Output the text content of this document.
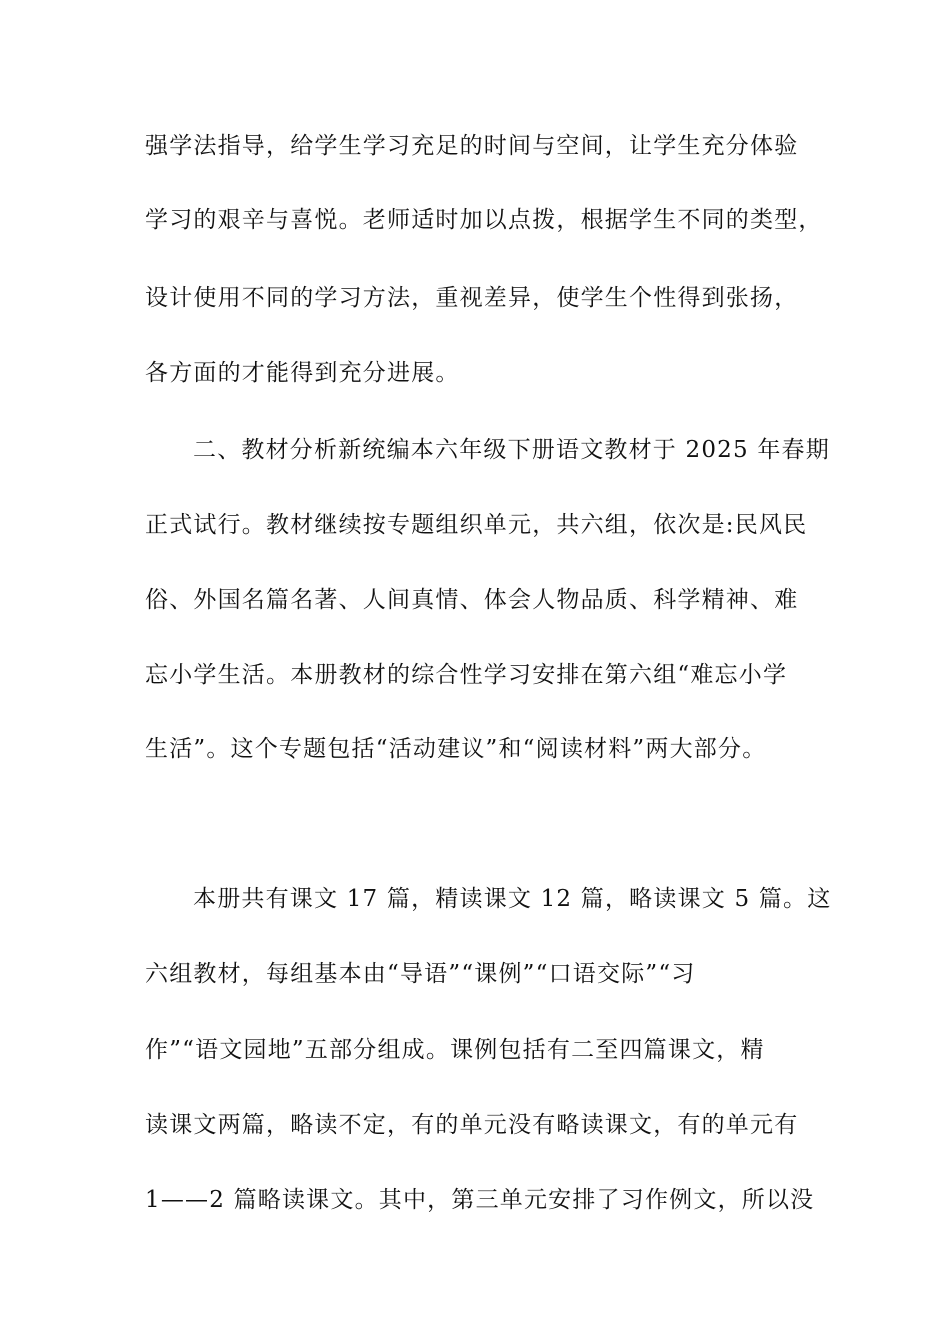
强学法指导，给学生学习充足的时间与空间，让学生充分体验
学习的艰辛与喜悦。老师适时加以点拨，根据学生不同的类型，
设计使用不同的学习方法，重视差异，使学生个性得到张扬，
各方面的才能得到充分进展。
二、教材分析新统编本六年级下册语文教材于 2025 年春期
正式试行。教材继续按专题组织单元，共六组，依次是:民风民
俗、外国名篇名著、人间真情、体会人物品质、科学精神、难
忘小学生活。本册教材的综合性学习安排在第六组“难忘小学
生活”。这个专题包括“活动建议”和“阅读材料”两大部分。
本册共有课文 17 篇，精读课文 12 篇，略读课文 5 篇。这
六组教材，每组基本由“导语”“课例”“口语交际”“习
作”“语文园地”五部分组成。课例包括有二至四篇课文，精
读课文两篇，略读不定，有的单元没有略读课文，有的单元有
1——2 篇略读课文。其中，第三单元安排了习作例文，所以没
